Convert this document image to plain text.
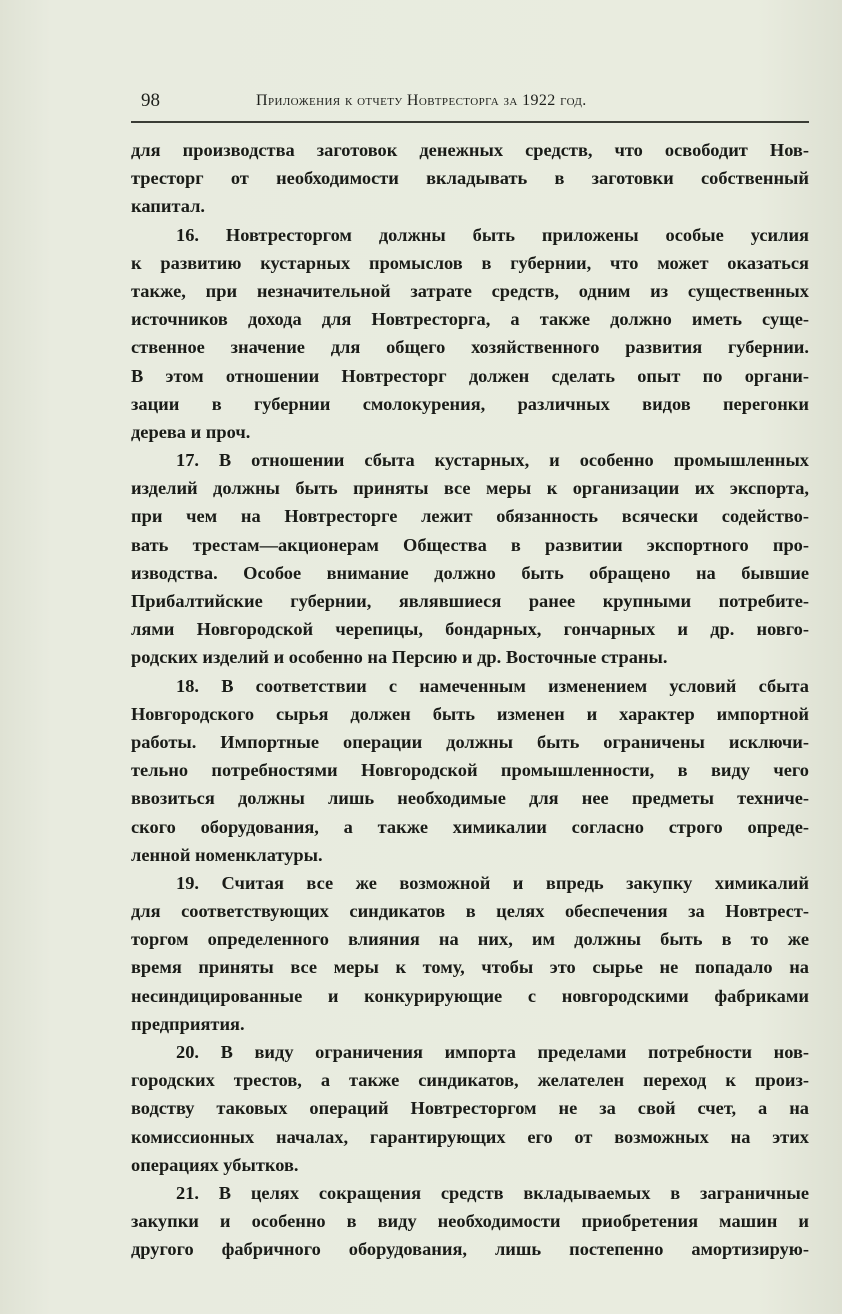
98	Приложения к отчету Новтресторга за 1922 год.
для производства заготовок денежных средств, что освободит Нов-
тресторг от необходимости вкладывать в заготовки собственный
капитал.
16. Новтресторгом должны быть приложены особые усилия
к развитию кустарных промыслов в губернии, что может оказаться
также, при незначительной затрате средств, одним из существенных
источников дохода для Новтресторга, а также должно иметь суще-
ственное значение для общего хозяйственного развития губернии.
В этом отношении Новтресторг должен сделать опыт по органи-
зации в губернии смолокурения, различных видов перегонки
дерева и проч.
17. В отношении сбыта кустарных, и особенно промышленных
изделий должны быть приняты все меры к организации их экспорта,
при чем на Новтресторге лежит обязанность всячески содейство-
вать трестам—акционерам Общества в развитии экспортного про-
изводства. Особое внимание должно быть обращено на бывшие
Прибалтийские губернии, являвшиеся ранее крупными потребите-
лями Новгородской черепицы, бондарных, гончарных и др. новго-
родских изделий и особенно на Персию и др. Восточные страны.
18. В соответствии с намеченным изменением условий сбыта
Новгородского сырья должен быть изменен и характер импортной
работы. Импортные операции должны быть ограничены исключи-
тельно потребностями Новгородской промышленности, в виду чего
ввозиться должны лишь необходимые для нее предметы техниче-
ского оборудования, а также химикалии согласно строго опреде-
ленной номенклатуры.
19. Считая все же возможной и впредь закупку химикалий
для соответствующих синдикатов в целях обеспечения за Новтрест-
торгом определенного влияния на них, им должны быть в то же
время приняты все меры к тому, чтобы это сырье не попадало на
несиндицированные и конкурирующие с новгородскими фабриками
предприятия.
20. В виду ограничения импорта пределами потребности нов-
городских трестов, а также синдикатов, желателен переход к произ-
водству таковых операций Новтресторгом не за свой счет, а на
комиссионных началах, гарантирующих его от возможных на этих
операциях убытков.
21. В целях сокращения средств вкладываемых в заграничные
закупки и особенно в виду необходимости приобретения машин и
другого фабричного оборудования, лишь постепенно амортизирую-
